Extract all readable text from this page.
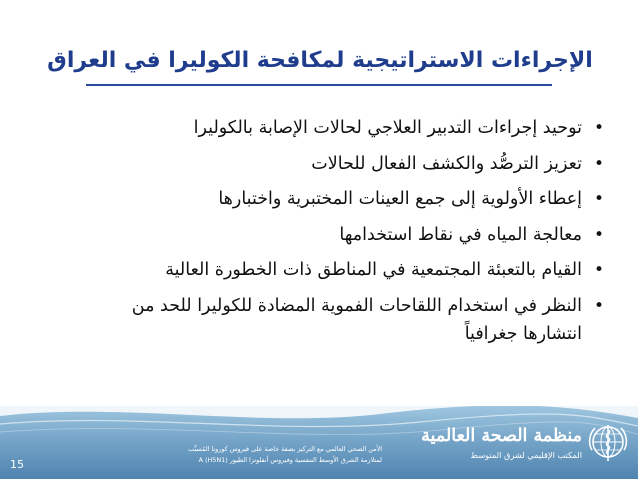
الإجراءات الاستراتيجية لمكافحة الكوليرا في العراق
•
توحيد إجراءات التدبير العلاجي لحالات الإصابة بالكوليرا
•
تعزيز الترصُّد والكشف الفعال للحالات
•
إعطاء الأولوية إلى جمع العينات المختبرية واختبارها
•
معالجة المياه في نقاط استخدامها
•
القيام بالتعبئة المجتمعية في المناطق ذات الخطورة العالية
•
النظر في استخدام اللقاحات الفموية المضادة للكوليرا للحد من انتشارها جغرافياً
15
الأمن الصحي العالمي مع التركيز بصفة خاصة على فيروس كورونا المُسبِّب
لمتلازمة الشرق الأوسط التنفسية وفيروس أنفلونزا الطيور A (H5N1)
منظمة الصحة العالمية
المكتب الإقليمي لشرق المتوسط
